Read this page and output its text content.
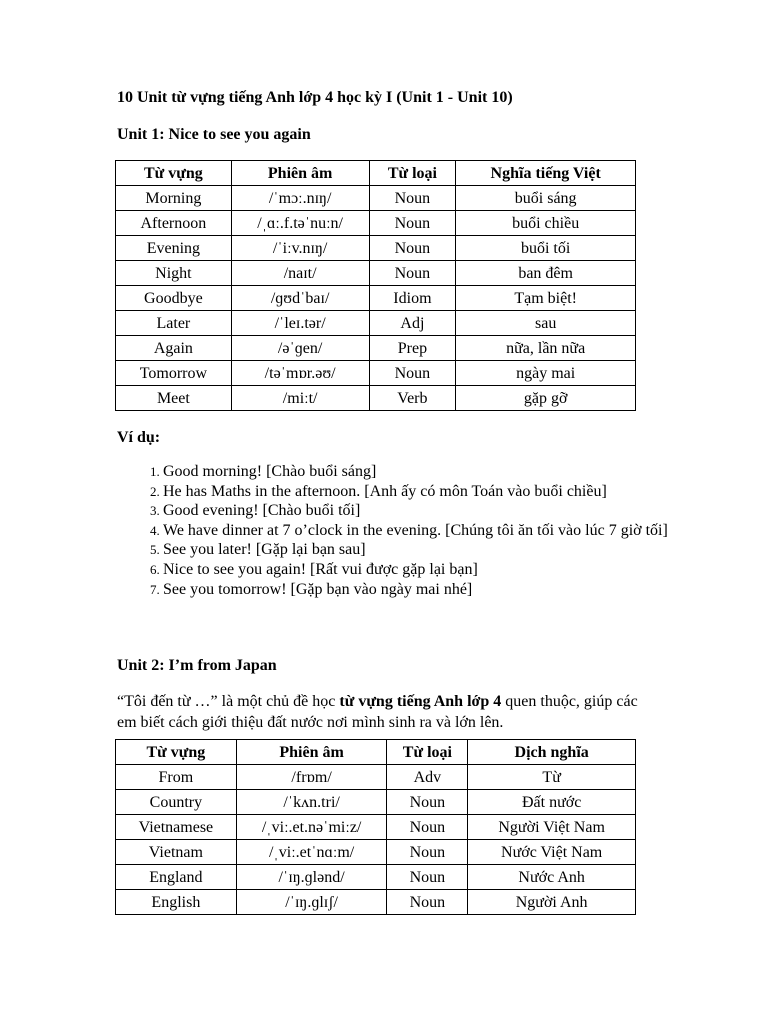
10 Unit từ vựng tiếng Anh lớp 4 học kỳ I (Unit 1 - Unit 10)
Unit 1: Nice to see you again
Từ vựng	Phiên âm	Từ loại	Nghĩa tiếng Việt
Morning	/ˈmɔː.nɪŋ/	Noun	buổi sáng
Afternoon	/ˌɑː.f.təˈnuːn/	Noun	buổi chiều
Evening	/ˈiːv.nɪŋ/	Noun	buổi tối
Night	/naɪt/	Noun	ban đêm
Goodbye	/ɡʊdˈbaɪ/	Idiom	Tạm biệt!
Later	/ˈleɪ.tər/	Adj	sau
Again	/əˈɡen/	Prep	nữa, lần nữa
Tomorrow	/təˈmɒr.əʊ/	Noun	ngày mai
Meet	/miːt/	Verb	gặp gỡ
Ví dụ:
1. Good morning! [Chào buổi sáng]
2. He has Maths in the afternoon. [Anh ấy có môn Toán vào buổi chiều]
3. Good evening! [Chào buổi tối]
4. We have dinner at 7 o’clock in the evening. [Chúng tôi ăn tối vào lúc 7 giờ tối]
5. See you later! [Gặp lại bạn sau]
6. Nice to see you again! [Rất vui được gặp lại bạn]
7. See you tomorrow! [Gặp bạn vào ngày mai nhé]
Unit 2: I’m from Japan
“Tôi đến từ …” là một chủ đề học từ vựng tiếng Anh lớp 4 quen thuộc, giúp các em biết cách giới thiệu đất nước nơi mình sinh ra và lớn lên.
Từ vựng	Phiên âm	Từ loại	Dịch nghĩa
From	/frɒm/	Adv	Từ
Country	/ˈkʌn.tri/	Noun	Đất nước
Vietnamese	/ˌviː.et.nəˈmiːz/	Noun	Người Việt Nam
Vietnam	/ˌviː.etˈnɑːm/	Noun	Nước Việt Nam
England	/ˈɪŋ.ɡlənd/	Noun	Nước Anh
English	/ˈɪŋ.ɡlɪʃ/	Noun	Người Anh
